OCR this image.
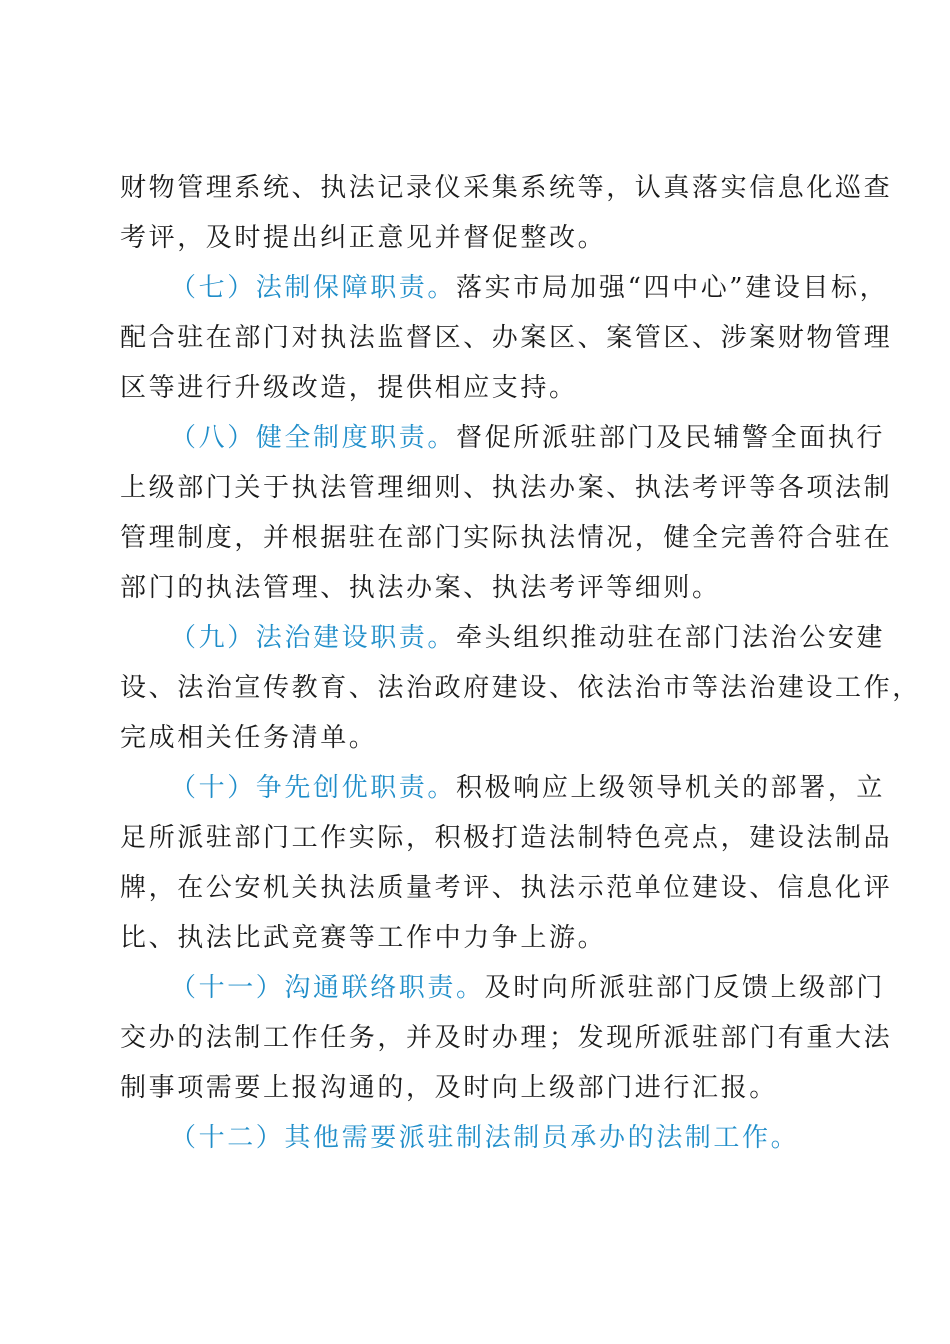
财物管理系统、执法记录仪采集系统等，认真落实信息化巡查
考评，及时提出纠正意见并督促整改。
（七）法制保障职责。落实市局加强“四中心”建设目标，
配合驻在部门对执法监督区、办案区、案管区、涉案财物管理
区等进行升级改造，提供相应支持。
（八）健全制度职责。督促所派驻部门及民辅警全面执行
上级部门关于执法管理细则、执法办案、执法考评等各项法制
管理制度，并根据驻在部门实际执法情况，健全完善符合驻在
部门的执法管理、执法办案、执法考评等细则。
（九）法治建设职责。牵头组织推动驻在部门法治公安建
设、法治宣传教育、法治政府建设、依法治市等法治建设工作，
完成相关任务清单。
（十）争先创优职责。积极响应上级领导机关的部署，立
足所派驻部门工作实际，积极打造法制特色亮点，建设法制品
牌，在公安机关执法质量考评、执法示范单位建设、信息化评
比、执法比武竞赛等工作中力争上游。
（十一）沟通联络职责。及时向所派驻部门反馈上级部门
交办的法制工作任务，并及时办理；发现所派驻部门有重大法
制事项需要上报沟通的，及时向上级部门进行汇报。
（十二）其他需要派驻制法制员承办的法制工作。
